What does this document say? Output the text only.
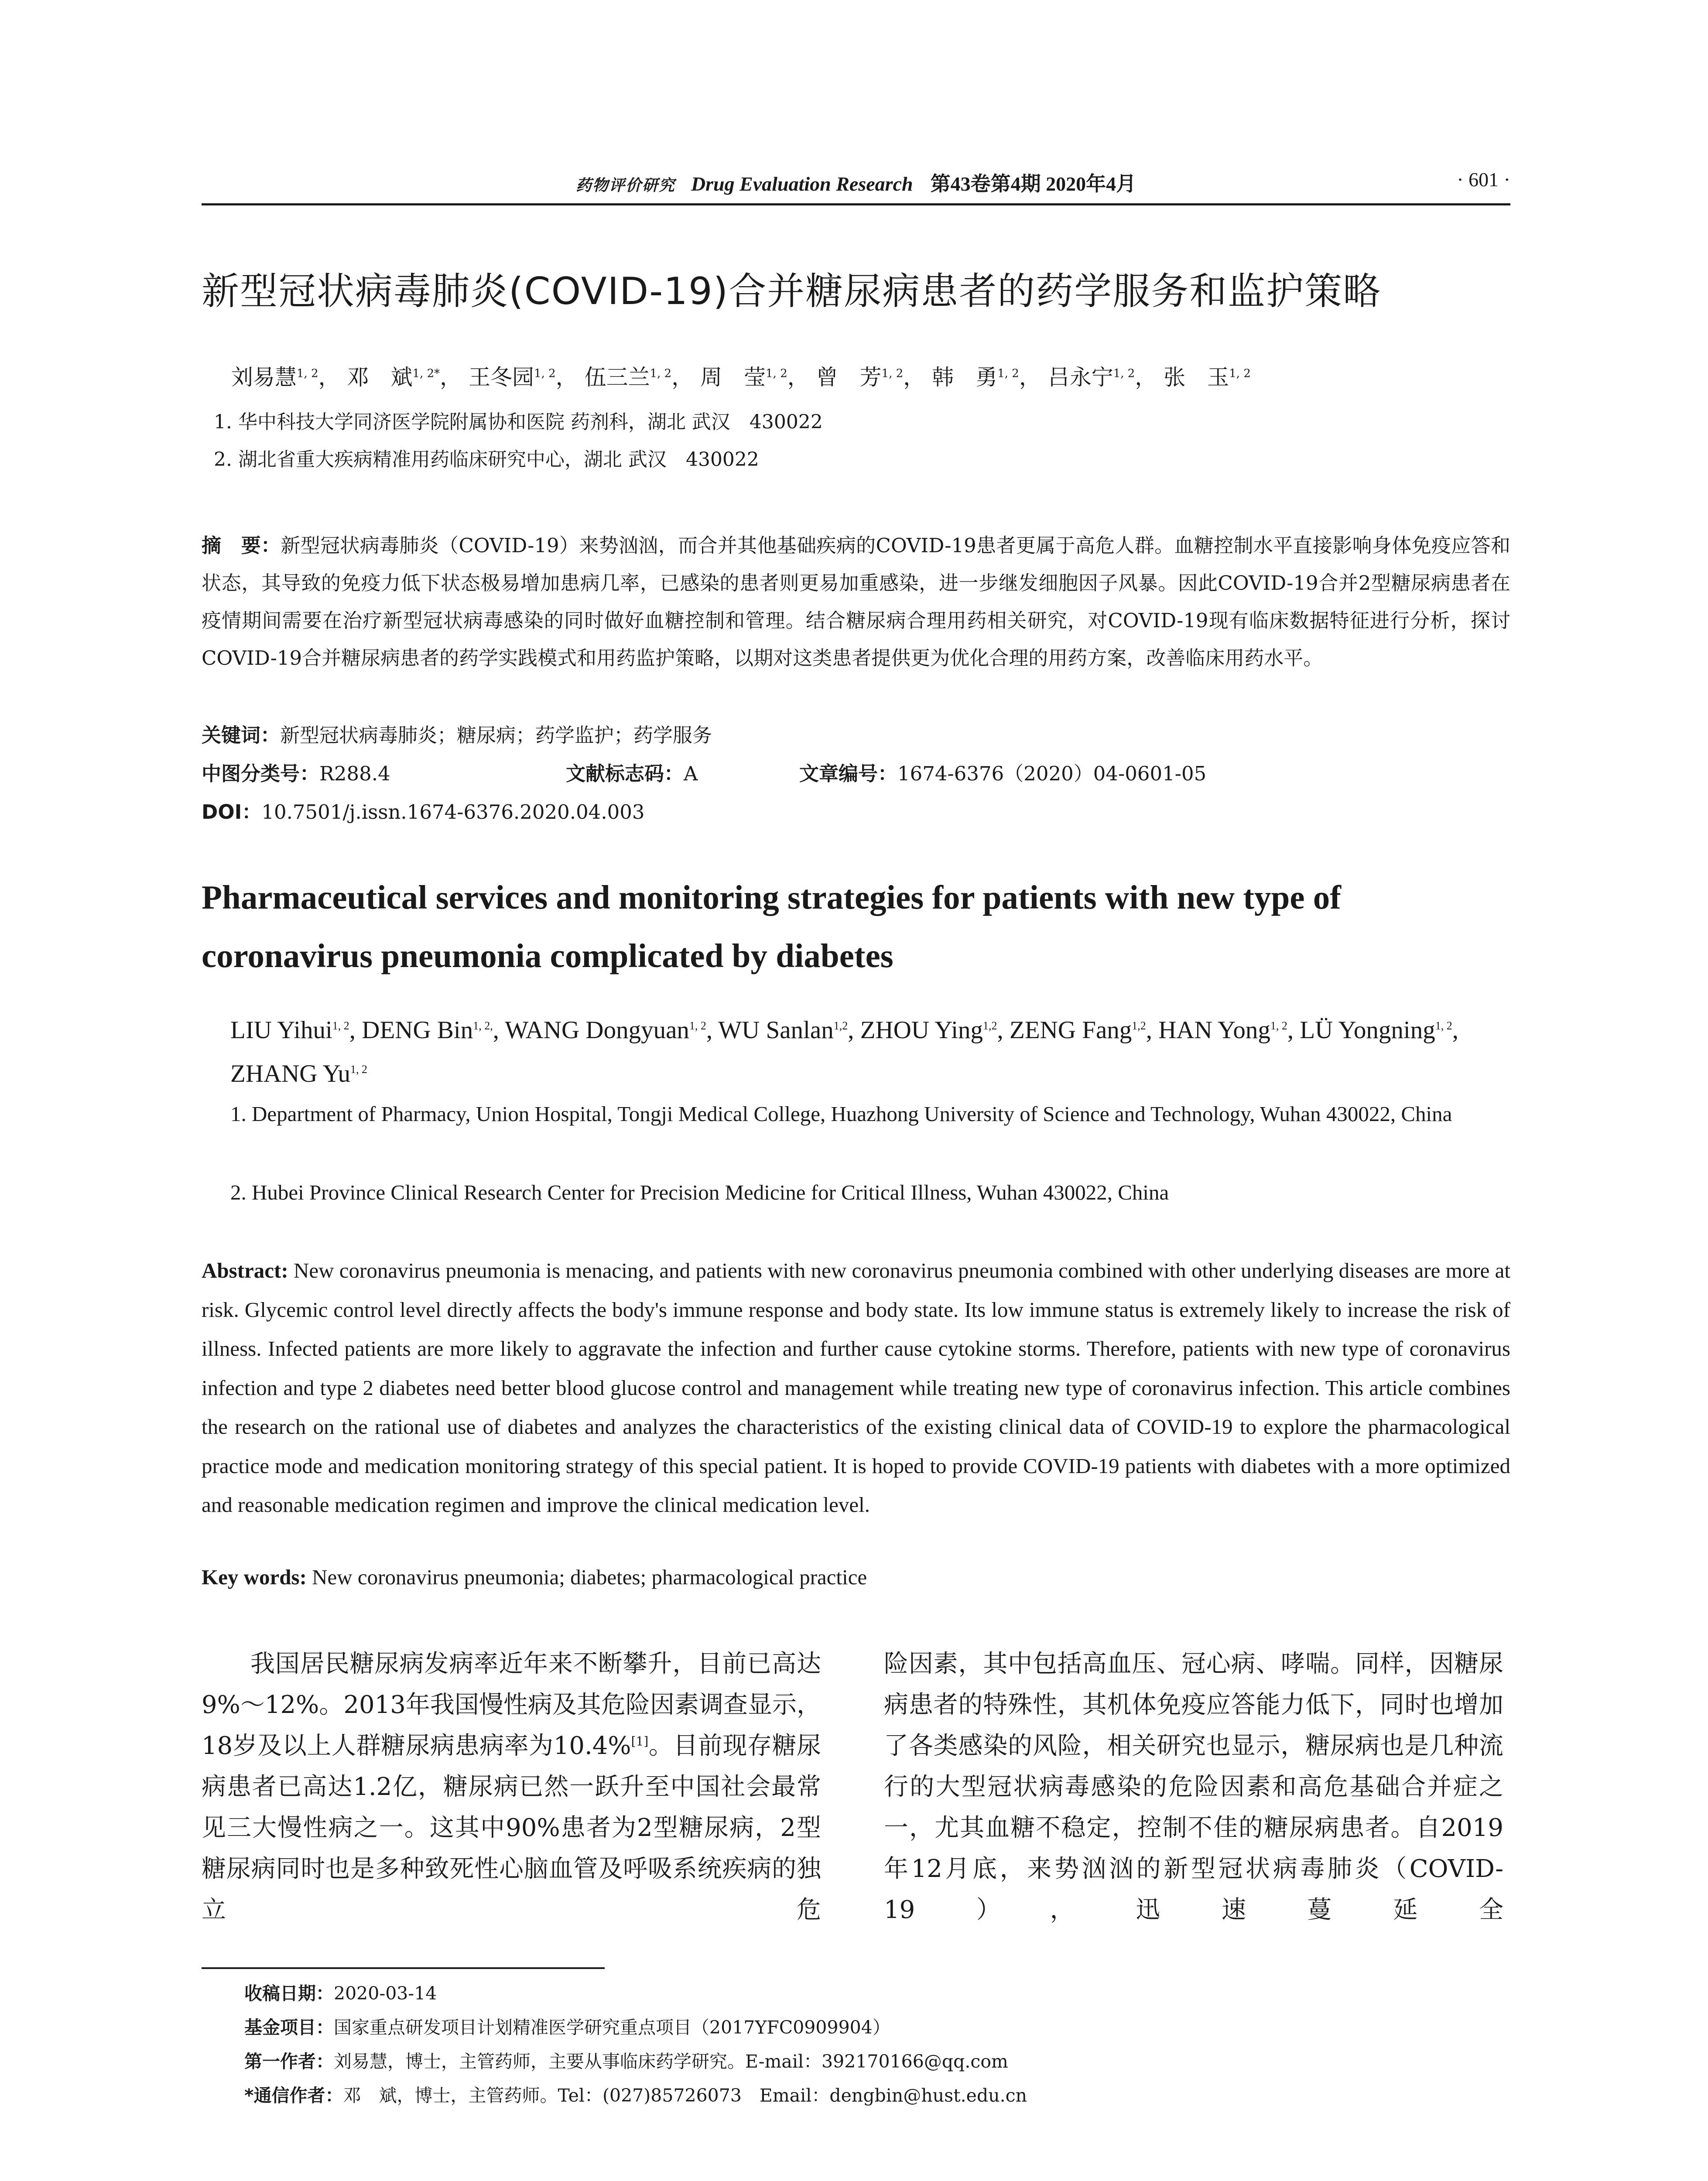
药物评价研究 Drug Evaluation Research 第43卷第4期 2020年4月	· 601 ·
新型冠状病毒肺炎(COVID-19)合并糖尿病患者的药学服务和监护策略
刘易慧$^{1, 2}$， 邓　斌$^{1, 2*}$， 王冬园$^{1, 2}$， 伍三兰$^{1, 2}$， 周　莹$^{1, 2}$， 曾　芳$^{1, 2}$， 韩　勇$^{1, 2}$， 吕永宁$^{1, 2}$， 张　玉$^{1, 2}$
1. 华中科技大学同济医学院附属协和医院 药剂科，湖北 武汉　430022
2. 湖北省重大疾病精准用药临床研究中心，湖北 武汉　430022
摘　要：新型冠状病毒肺炎（COVID-19）来势汹汹，而合并其他基础疾病的COVID-19患者更属于高危人群。血糖控制水平直接影响身体免疫应答和状态，其导致的免疫力低下状态极易增加患病几率，已感染的患者则更易加重感染，进一步继发细胞因子风暴。因此COVID-19合并2型糖尿病患者在疫情期间需要在治疗新型冠状病毒感染的同时做好血糖控制和管理。结合糖尿病合理用药相关研究，对COVID-19现有临床数据特征进行分析，探讨COVID-19合并糖尿病患者的药学实践模式和用药监护策略，以期对这类患者提供更为优化合理的用药方案，改善临床用药水平。
关键词：新型冠状病毒肺炎；糖尿病；药学监护；药学服务
中图分类号：R288.4	文献标志码：A	文章编号：1674-6376（2020）04-0601-05
DOI：10.7501/j.issn.1674-6376.2020.04.003
Pharmaceutical services and monitoring strategies for patients with new type of coronavirus pneumonia complicated by diabetes
LIU Yihui$^{1, 2}$, DENG Bin$^{1, 2,}$, WANG Dongyuan$^{1, 2}$, WU Sanlan$^{1,2}$, ZHOU Ying$^{1,2}$, ZENG Fang$^{1,2}$, HAN Yong$^{1, 2}$, LÜ Yongning$^{1, 2}$, ZHANG Yu$^{1, 2}$
1. Department of Pharmacy, Union Hospital, Tongji Medical College, Huazhong University of Science and Technology, Wuhan 430022, China
2. Hubei Province Clinical Research Center for Precision Medicine for Critical Illness, Wuhan 430022, China
Abstract: New coronavirus pneumonia is menacing, and patients with new coronavirus pneumonia combined with other underlying diseases are more at risk. Glycemic control level directly affects the body's immune response and body state. Its low immune status is extremely likely to increase the risk of illness. Infected patients are more likely to aggravate the infection and further cause cytokine storms. Therefore, patients with new type of coronavirus infection and type 2 diabetes need better blood glucose control and management while treating new type of coronavirus infection. This article combines the research on the rational use of diabetes and analyzes the characteristics of the existing clinical data of COVID-19 to explore the pharmacological practice mode and medication monitoring strategy of this special patient. It is hoped to provide COVID-19 patients with diabetes with a more optimized and reasonable medication regimen and improve the clinical medication level.
Key words: New coronavirus pneumonia; diabetes; pharmacological practice

我国居民糖尿病发病率近年来不断攀升，目前已高达9%～12%。2013年我国慢性病及其危险因素调查显示，18岁及以上人群糖尿病患病率为10.4%[1]。目前现存糖尿病患者已高达1.2亿，糖尿病已然一跃升至中国社会最常见三大慢性病之一。这其中90%患者为2型糖尿病，2型糖尿病同时也是多种致死性心脑血管及呼吸系统疾病的独立危

险因素，其中包括高血压、冠心病、哮喘。同样，因糖尿病患者的特殊性，其机体免疫应答能力低下，同时也增加了各类感染的风险，相关研究也显示，糖尿病也是几种流行的大型冠状病毒感染的危险因素和高危基础合并症之一，尤其血糖不稳定，控制不佳的糖尿病患者。自2019年12月底，来势汹汹的新型冠状病毒肺炎（COVID-19），迅速蔓延全

收稿日期：2020-03-14
基金项目：国家重点研发项目计划精准医学研究重点项目（2017YFC0909904）
第一作者：刘易慧，博士，主管药师，主要从事临床药学研究。E-mail：392170166@qq.com
*通信作者：邓　斌，博士，主管药师。Tel：(027)85726073　Email：dengbin@hust.edu.cn
